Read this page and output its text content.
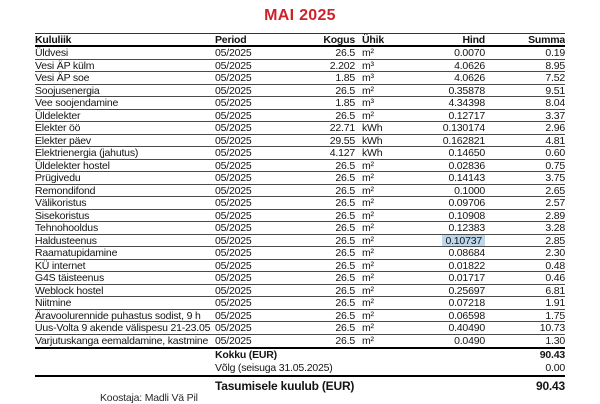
MAI 2025
Kululiik	Period	Kogus Ühik	Hind	Summa
Üldvesi	05/2025	26.5 m²	0.0070	0.19
Vesi ÄP külm	05/2025	2.202 m³	4.0626	8.95
Vesi ÄP soe	05/2025	1.85 m³	4.0626	7.52
Soojusenergia	05/2025	26.5 m²	0.35878	9.51
Vee soojendamine	05/2025	1.85 m³	4.34398	8.04
Üldelekter	05/2025	26.5 m²	0.12717	3.37
Elekter öö	05/2025	22.71 kWh	0.130174	2.96
Elekter päev	05/2025	29.55 kWh	0.162821	4.81
Elektrienergia (jahutus)	05/2025	4.127 kWh	0.14650	0.60
Üldelekter hostel	05/2025	26.5 m²	0.02836	0.75
Prügivedu	05/2025	26.5 m²	0.14143	3.75
Remondifond	05/2025	26.5 m²	0.1000	2.65
Välikoristus	05/2025	26.5 m²	0.09706	2.57
Sisekoristus	05/2025	26.5 m²	0.10908	2.89
Tehnohooldus	05/2025	26.5 m²	0.12383	3.28
Haldusteenus	05/2025	26.5 m²	0.10737	2.85
Raamatupidamine	05/2025	26.5 m²	0.08684	2.30
KÜ internet	05/2025	26.5 m²	0.01822	0.48
G4S täisteenus	05/2025	26.5 m²	0.01717	0.46
Weblock hostel	05/2025	26.5 m²	0.25697	6.81
Niitmine	05/2025	26.5 m²	0.07218	1.91
Äravoolurennide puhastus sodist, 9 h	05/2025	26.5 m²	0.06598	1.75
Uus-Volta 9 akende välispesu 21-23.05 05/2025	26.5 m²	0.40490	10.73
Varjutuskanga eemaldamine, kastmine 05/2025	26.5 m²	0.0490	1.30
Kokku (EUR)	90.43
Võlg (seisuga 31.05.2025)	0.00
Tasumisele kuulub (EUR)	90.43
Koostaja: Madli Vä Pil
